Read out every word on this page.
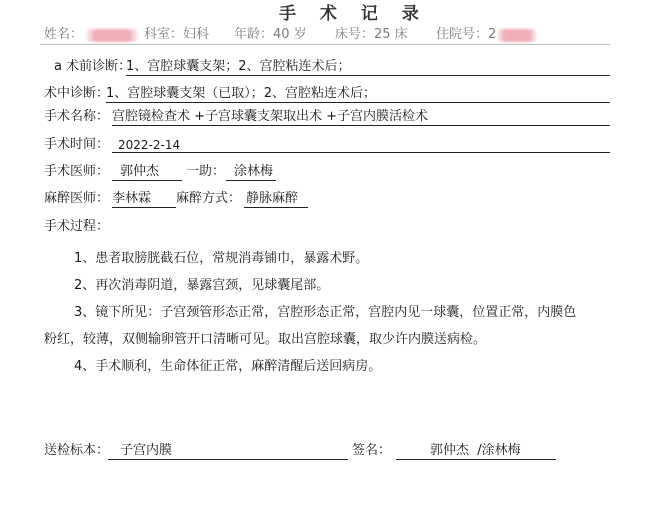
手 术 记 录
姓名：	科室：妇科 年龄：40 岁 床号：25 床 住院号：2
a 术前诊断：
1、宫腔球囊支架；2、宫腔粘连术后；
术中诊断：
1、宫腔球囊支架（已取）；2、宫腔粘连术后；
手术名称： 宫腔镜检查术 +子宫球囊支架取出术 +子宫内膜活检术
手术时间： 2022-2-14
手术医师： 郭仲杰 一助： 涂林梅
麻醉医师： 李林霖 麻醉方式： 静脉麻醉
手术过程：
1、患者取膀胱截石位，常规消毒铺巾，暴露术野。
2、再次消毒阴道，暴露宫颈，见球囊尾部。
3、镜下所见：子宫颈管形态正常，宫腔形态正常，宫腔内见一球囊，位置正常，内膜色
粉红，较薄，双侧输卵管开口清晰可见。取出宫腔球囊，取少许内膜送病检。
4、手术顺利，生命体征正常，麻醉清醒后送回病房。
送检标本： 子宫内膜	签名：	郭仲杰  /涂林梅
